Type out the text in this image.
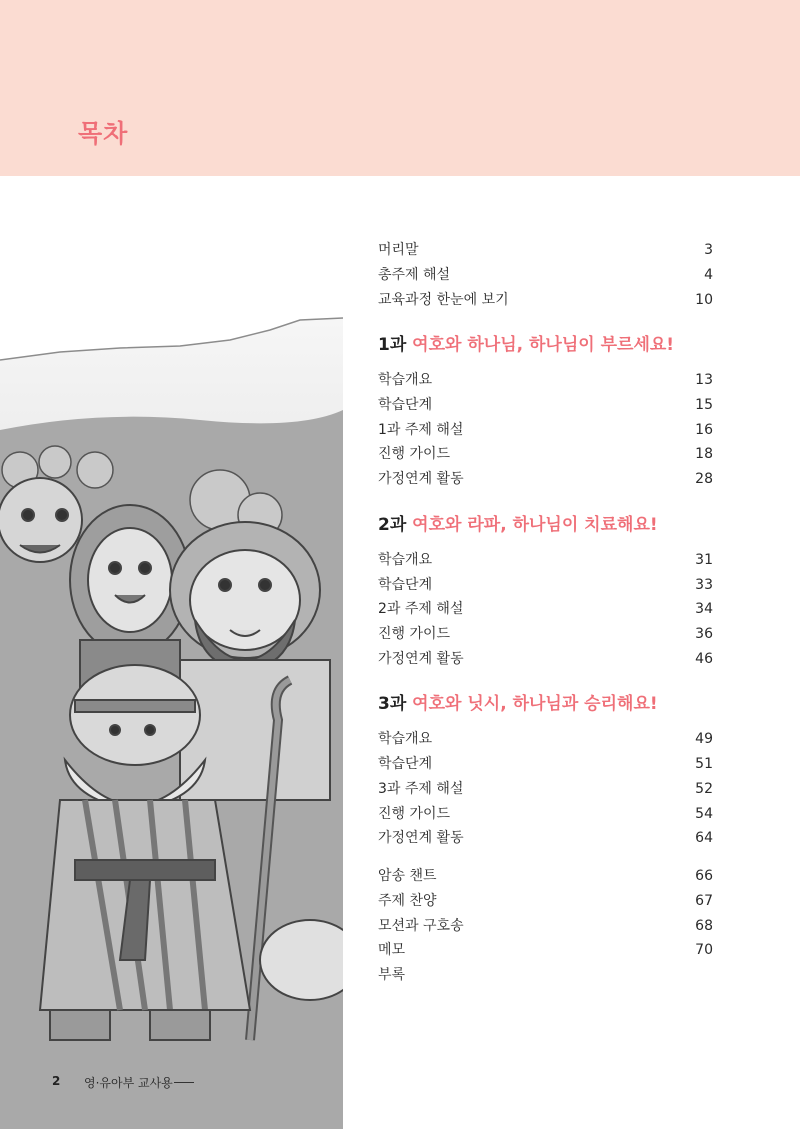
목차
2 영·유아부 교사용
머리말	3
총주제 해설	4
교육과정 한눈에 보기	10
1과 여호와 하나님, 하나님이 부르세요!
학습개요	13
학습단계	15
1과 주제 해설	16
진행 가이드	18
가정연계 활동	28
2과 여호와 라파, 하나님이 치료해요!
학습개요	31
학습단계	33
2과 주제 해설	34
진행 가이드	36
가정연계 활동	46
3과 여호와 닛시, 하나님과 승리해요!
학습개요	49
학습단계	51
3과 주제 해설	52
진행 가이드	54
가정연계 활동	64
암송 챈트	66
주제 찬양	67
모션과 구호송	68
메모	70
부록
